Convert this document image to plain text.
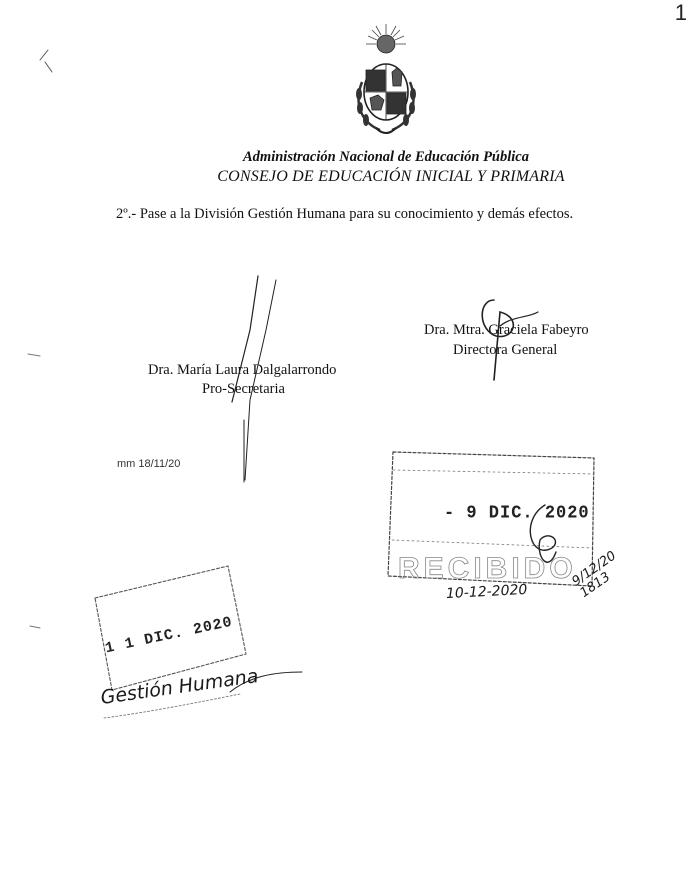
1
Administración Nacional de Educación Pública
CONSEJO DE EDUCACIÓN INICIAL Y PRIMARIA
2º.- Pase a la División Gestión Humana para su conocimiento y demás efectos.
Dra. Mtra. Graciela Fabeyro
Directora General
Dra. María Laura Dalgalarrondo
Pro-Secretaria
mm 18/11/20
RECIBIDO
- 9 DIC. 2020
1 1 DIC. 2020
10-12-2020
9/12/20 1813
Gestión Humana
